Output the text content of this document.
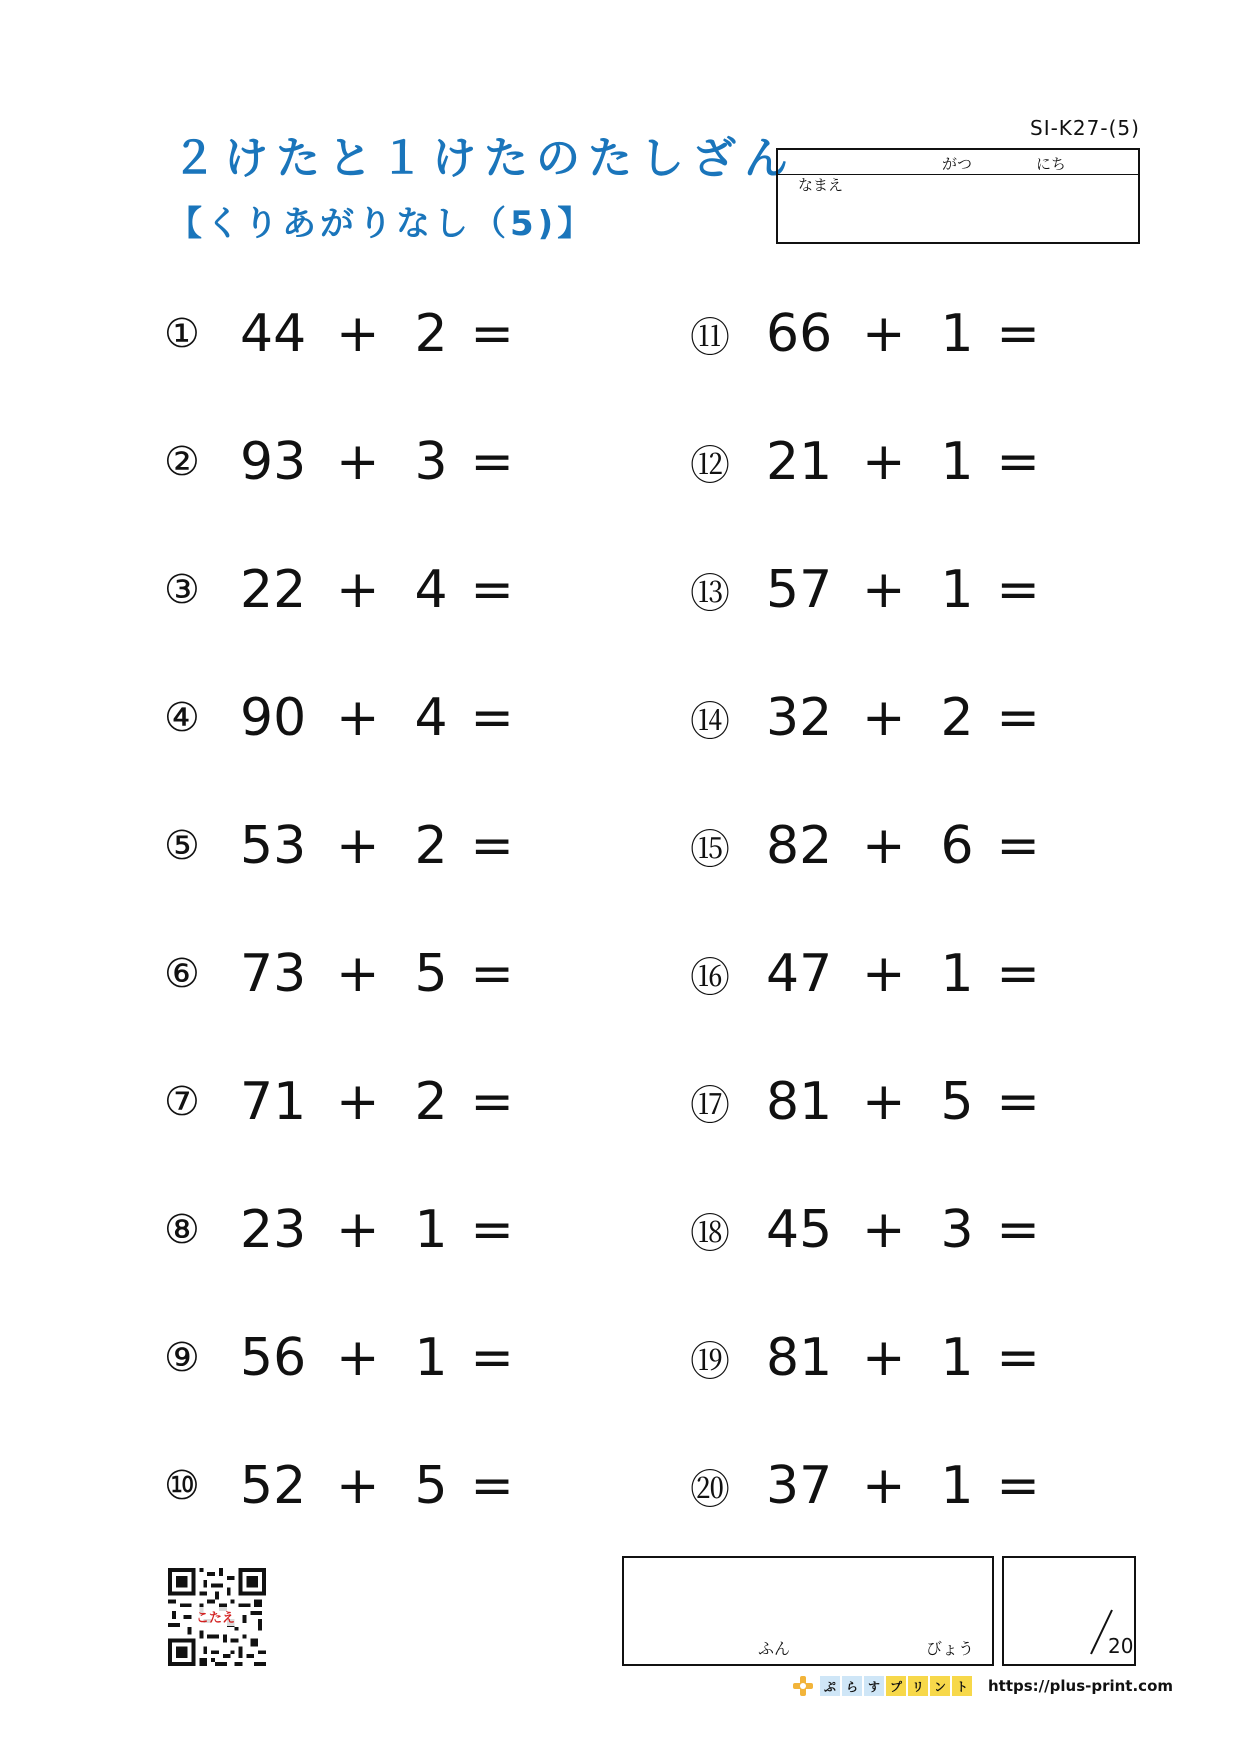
SI-K27-(5)
２けたと１けたのたしざん
【くりあがりなし（5)】
がつ	にち
なまえ
① 44 + 2 =
② 93 + 3 =
③ 22 + 4 =
④ 90 + 4 =
⑤ 53 + 2 =
⑥ 73 + 5 =
⑦ 71 + 2 =
⑧ 23 + 1 =
⑨ 56 + 1 =
⑩ 52 + 5 =
⑪ 66 + 1 =
⑫ 21 + 1 =
⑬ 57 + 1 =
⑭ 32 + 2 =
⑮ 82 + 6 =
⑯ 47 + 1 =
⑰ 81 + 5 =
⑱ 45 + 3 =
⑲ 81 + 1 =
⑳ 37 + 1 =
こたえ
ふん	びょう	20
ぷ ら す プ リ ン ト https://plus-print.com
